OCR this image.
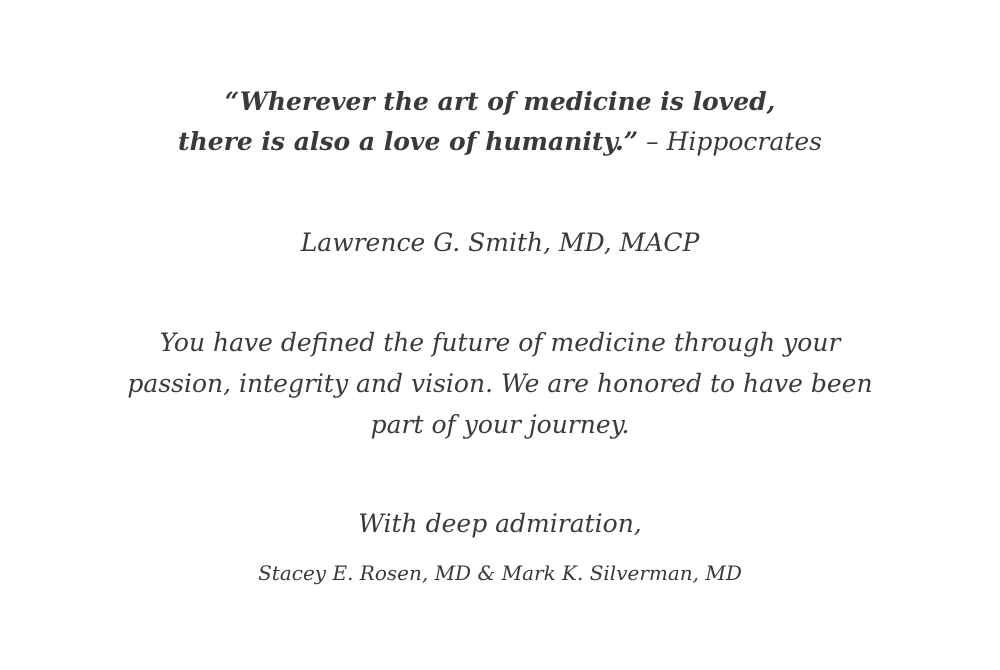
“Wherever the art of medicine is loved,
there is also a love of humanity.” – Hippocrates
Lawrence G. Smith, MD, MACP
You have defined the future of medicine through your
passion, integrity and vision. We are honored to have been
part of your journey.
With deep admiration,
Stacey E. Rosen, MD & Mark K. Silverman, MD
